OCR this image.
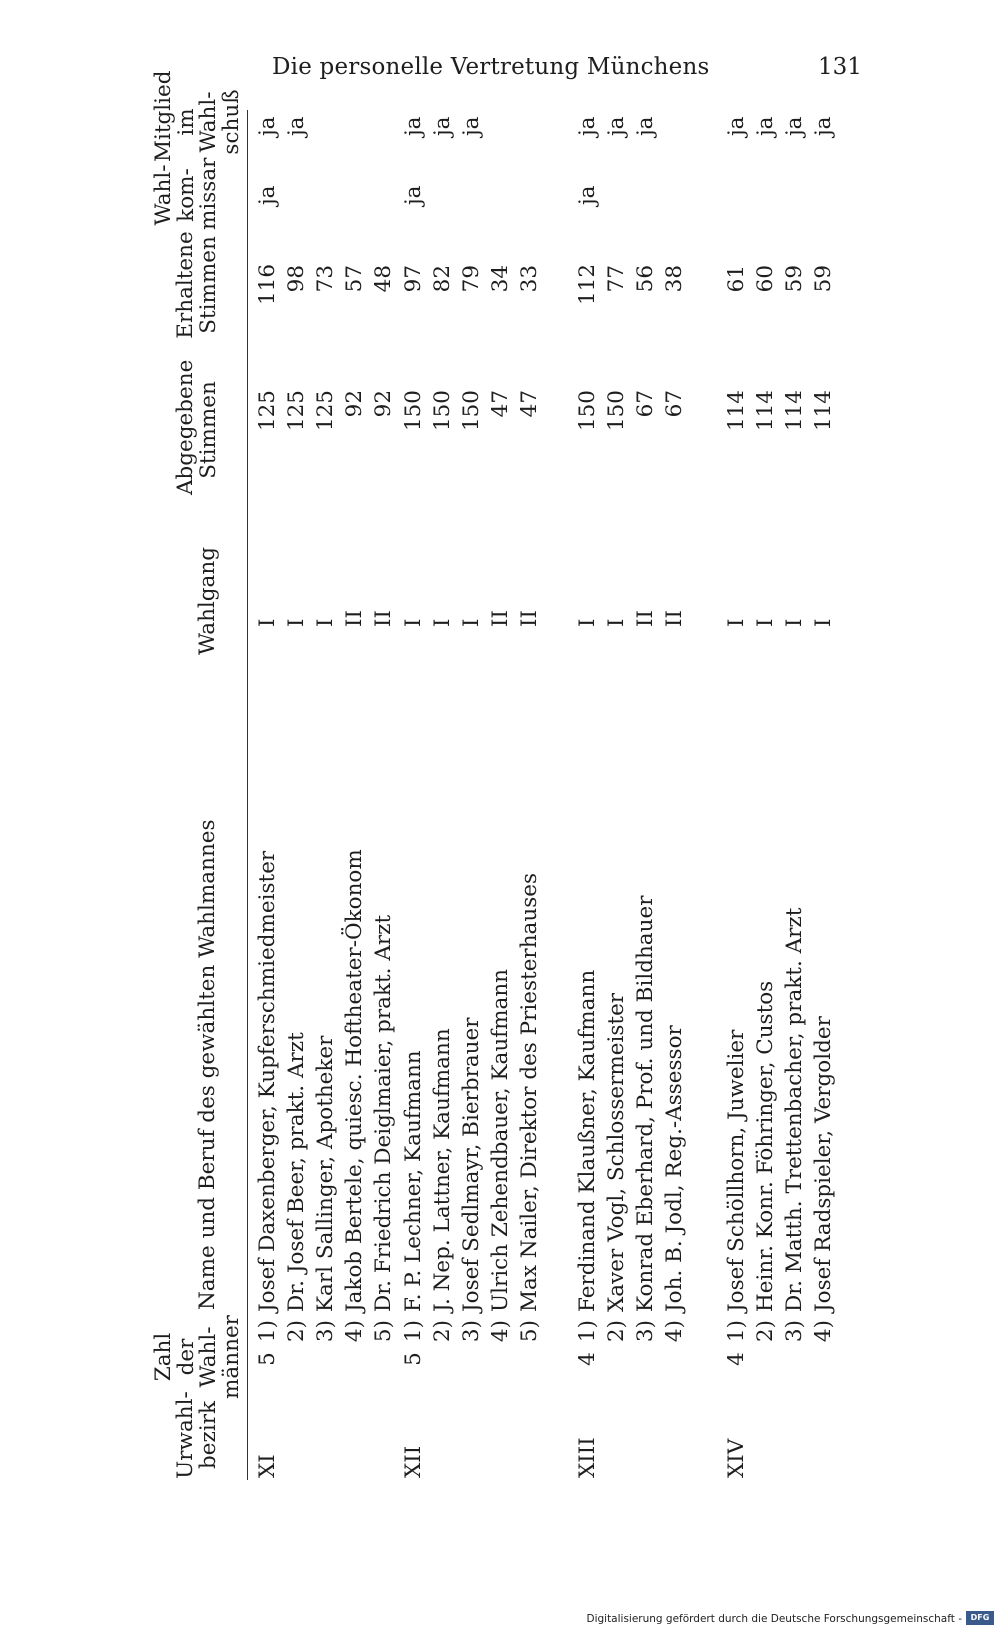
Die personelle Vertretung Münchens	131
Urwahl-
bezirk
Zahl der
Wahl-
männer
Name und Beruf des gewählten Wahlmannes
Wahlgang
Abgegebene
Stimmen
Erhaltene
Stimmen
Wahl-
kom-
missar
Mitglied
im Wahl-
schuß
XI
5
1)
Josef Daxenberger, Kupferschmiedmeister
I
125
116
ja
ja
2)
Dr. Josef Beer, prakt. Arzt
I
125
98
ja
3)
Karl Sallinger, Apotheker
I
125
73
4)
Jakob Bertele, quiesc. Hoftheater-Ökonom
II
92
57
5)
Dr. Friedrich Deiglmaier, prakt. Arzt
II
92
48
XII
5
1)
F. P. Lechner, Kaufmann
I
150
97
ja
ja
2)
J. Nep. Lattner, Kaufmann
I
150
82
ja
3)
Josef Sedlmayr, Bierbrauer
I
150
79
ja
4)
Ulrich Zehendbauer, Kaufmann
II
47
34
5)
Max Nailer, Direktor des Priesterhauses
II
47
33
XIII
4
1)
Ferdinand Klaußner, Kaufmann
I
150
112
ja
ja
2)
Xaver Vogl, Schlossermeister
I
150
77
ja
3)
Konrad Eberhard, Prof. und Bildhauer
II
67
56
ja
4)
Joh. B. Jodl, Reg.-Assessor
II
67
38
XIV
4
1)
Josef Schöllhorn, Juwelier
I
114
61
ja
2)
Heinr. Konr. Föhringer, Custos
I
114
60
ja
3)
Dr. Matth. Trettenbacher, prakt. Arzt
I
114
59
ja
4)
Josef Radspieler, Vergolder
I
114
59
ja
Digitalisierung gefördert durch die Deutsche Forschungsgemeinschaft -	DFG
